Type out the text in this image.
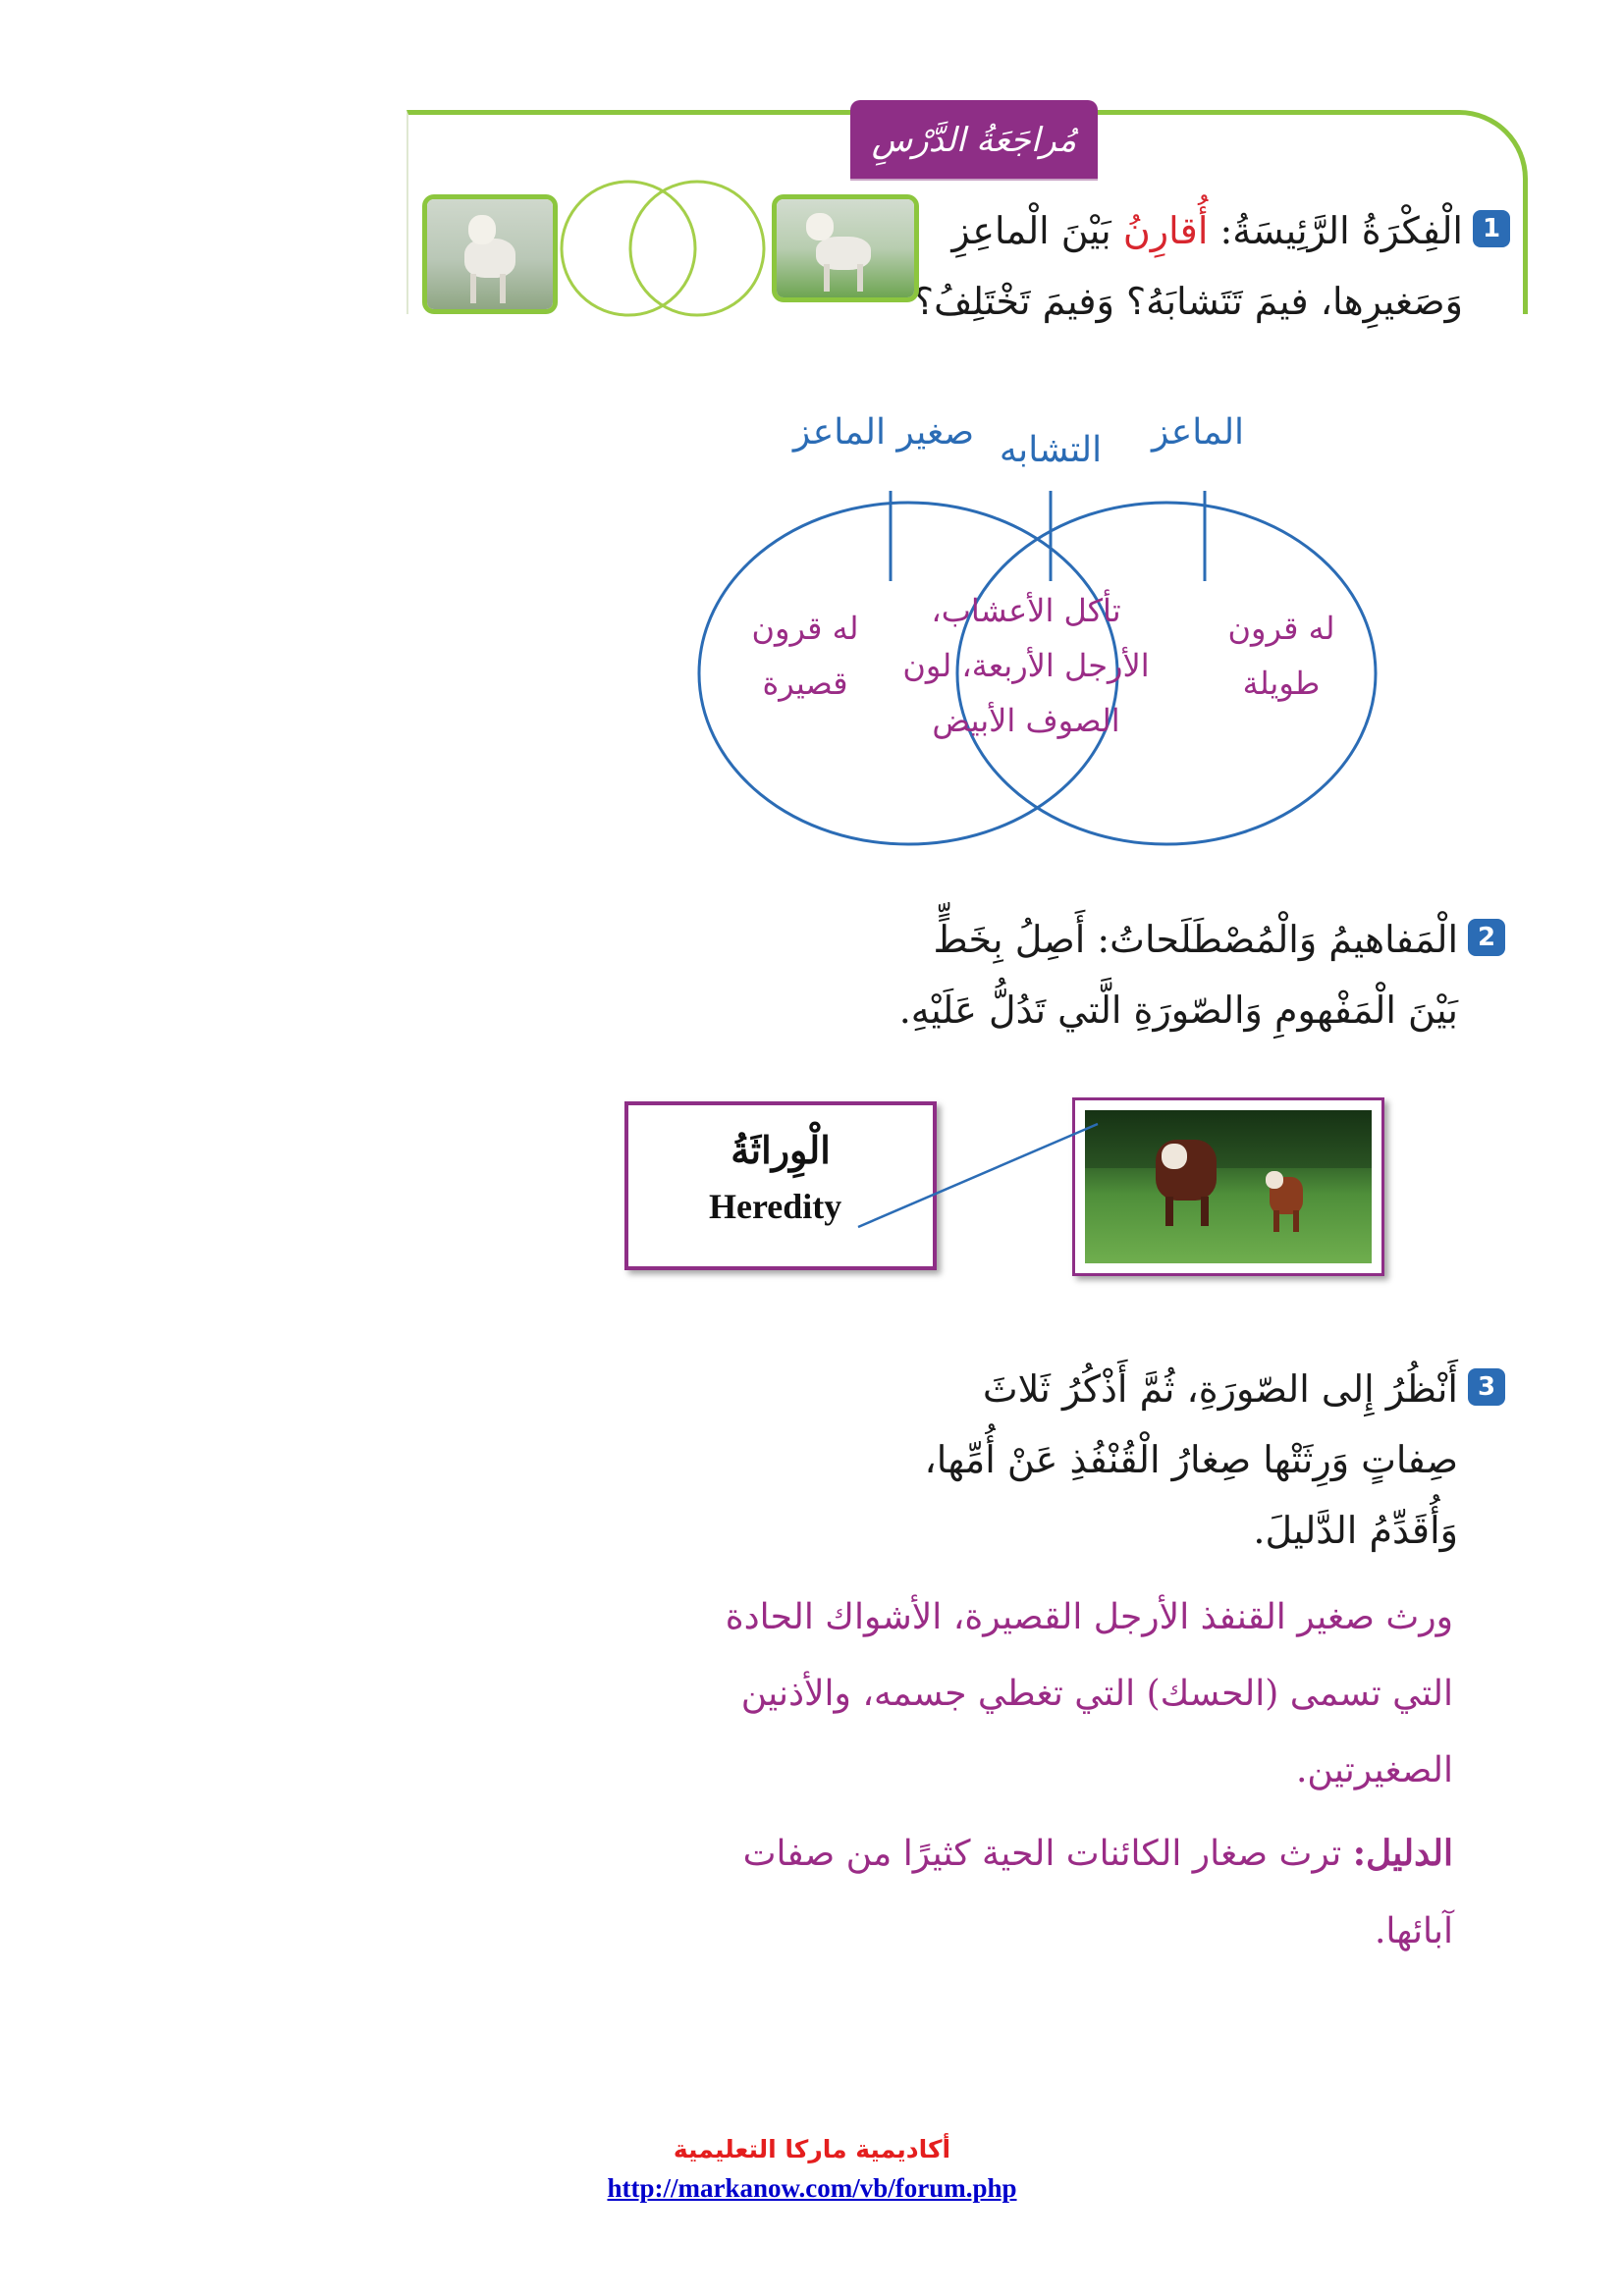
مُراجَعَةُ الدَّرْسِ
1
الْفِكْرَةُ الرَّئِيسَةُ: أُقارِنُ بَيْنَ الْماعِزِ
وَصَغيرِها، فيمَ تَتَشابَهُ؟ وَفيمَ تَخْتَلِفُ؟
صغير الماعز التشابه	الماعز
له قرون
قصيرة
تأكل الأعشاب،
الأرجل الأربعة، لون
الصوف الأبيض
له قرون
طويلة
2
الْمَفاهيمُ وَالْمُصْطَلَحاتُ: أَصِلُ بِخَطٍّ
بَيْنَ الْمَفْهومِ وَالصّورَةِ الَّتي تَدُلُّ عَلَيْهِ.
الْوِراثَةُ
Heredity
3
أَنْظُرُ إِلى الصّورَةِ، ثُمَّ أَذْكُرُ ثَلاثَ
صِفاتٍ وَرِثَتْها صِغارُ الْقُنْفُذِ عَنْ أُمِّها،
وَأُقَدِّمُ الدَّليلَ.
ورث صغير القنفذ الأرجل القصيرة، الأشواك الحادة
التي تسمى (الحسك) التي تغطي جسمه، والأذنين
الصغيرتين.
الدليل: ترث صغار الكائنات الحية كثيرًا من صفات
آبائها.
أكاديمية ماركا التعليمية
http://markanow.com/vb/forum.php
